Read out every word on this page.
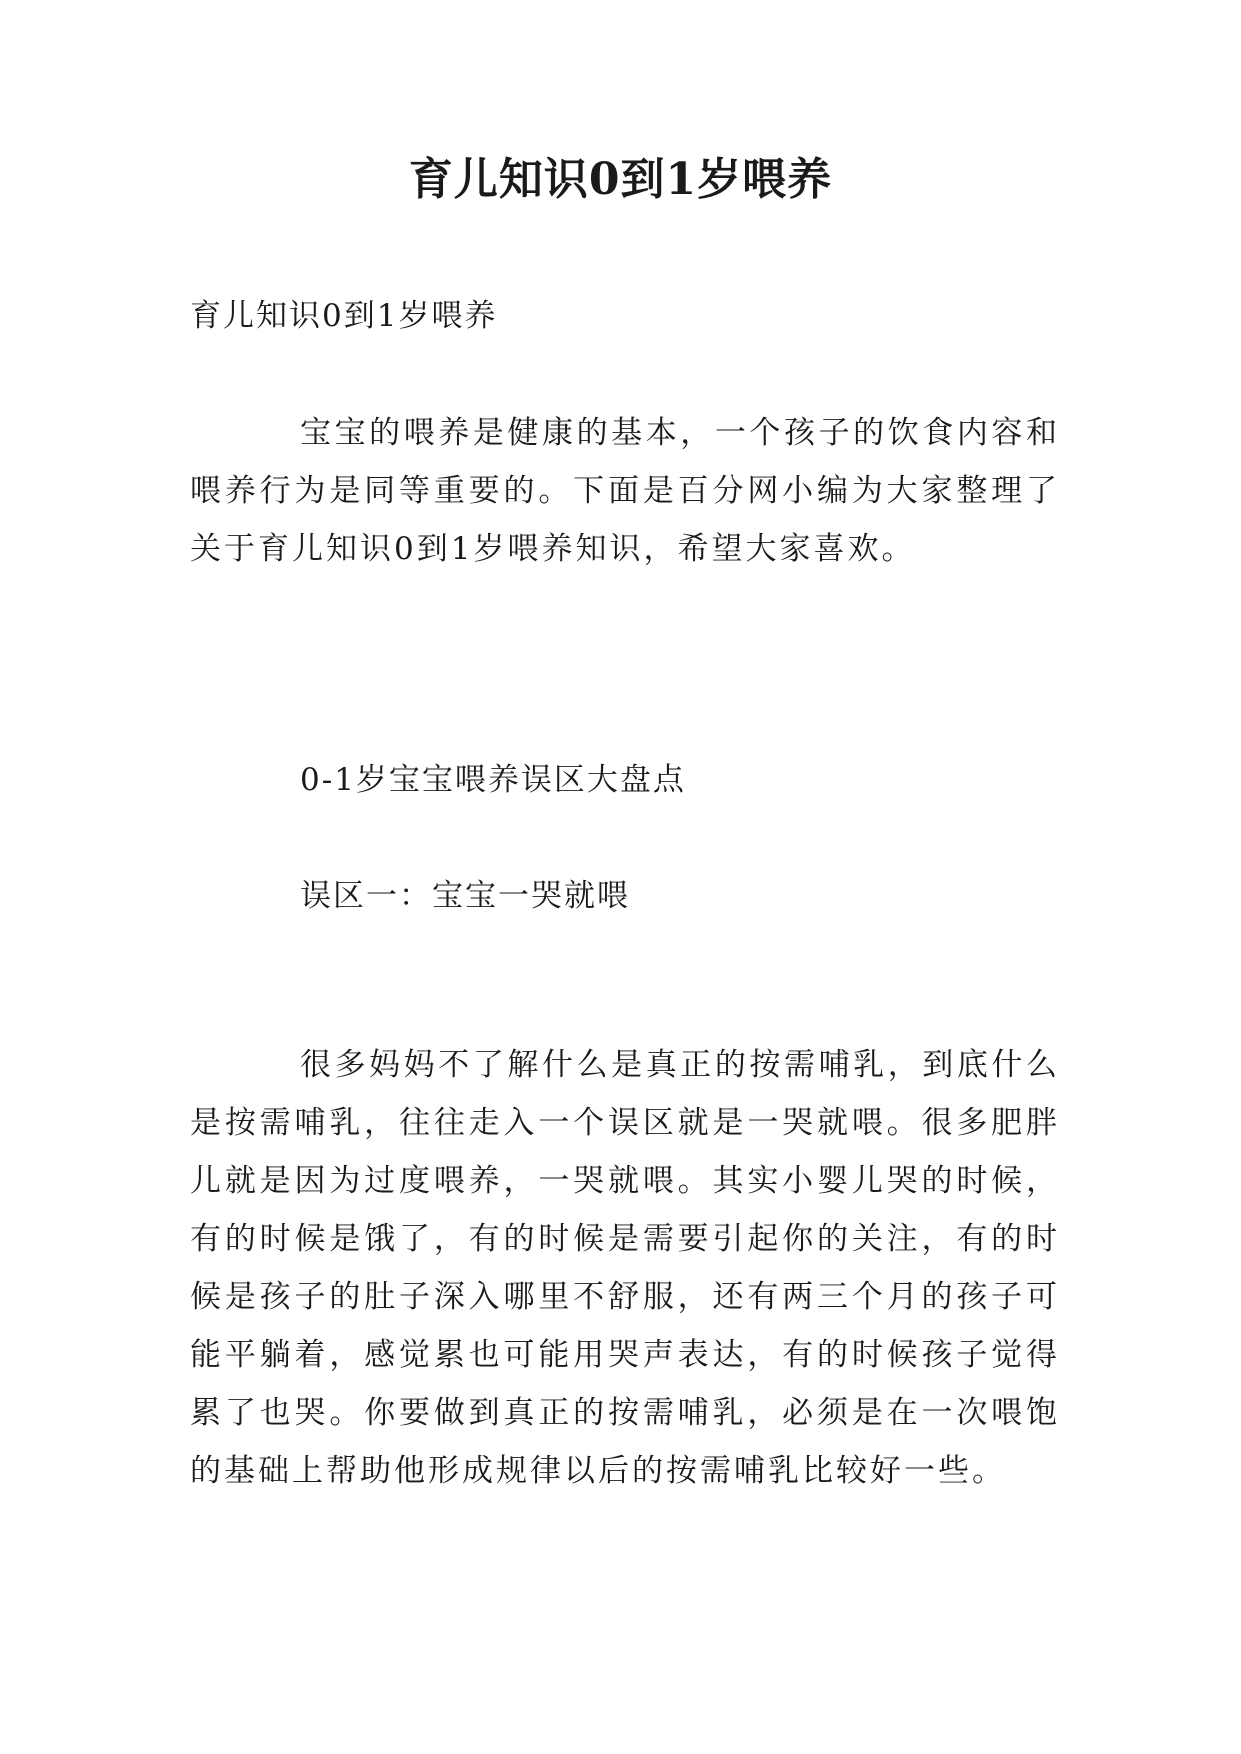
育儿知识0到1岁喂养
育儿知识0到1岁喂养
宝宝的喂养是健康的基本，一个孩子的饮食内容和喂养行为是同等重要的。下面是百分网小编为大家整理了关于育儿知识0到1岁喂养知识，希望大家喜欢。
0-1岁宝宝喂养误区大盘点
误区一：宝宝一哭就喂
很多妈妈不了解什么是真正的按需哺乳，到底什么是按需哺乳，往往走入一个误区就是一哭就喂。很多肥胖儿就是因为过度喂养，一哭就喂。其实小婴儿哭的时候，有的时候是饿了，有的时候是需要引起你的关注，有的时候是孩子的肚子深入哪里不舒服，还有两三个月的孩子可能平躺着，感觉累也可能用哭声表达，有的时候孩子觉得累了也哭。你要做到真正的按需哺乳，必须是在一次喂饱的基础上帮助他形成规律以后的按需哺乳比较好一些。
